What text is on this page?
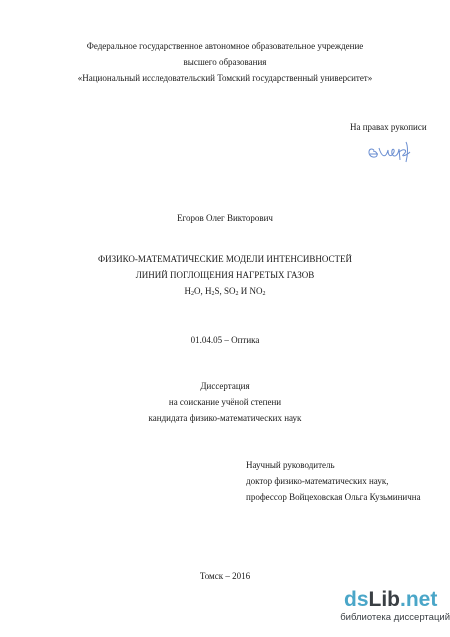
Федеральное государственное автономное образовательное учреждение
высшего образования
«Национальный исследовательский Томский государственный университет»
На правах рукописи
Егоров Олег Викторович
ФИЗИКО-МАТЕМАТИЧЕСКИЕ МОДЕЛИ ИНТЕНСИВНОСТЕЙ
ЛИНИЙ ПОГЛОЩЕНИЯ НАГРЕТЫХ ГАЗОВ
$H_2O$, $H_2S$, $SO_2$ И $NO_2$
01.04.05 – Оптика
Диссертация
на соискание учёной степени
кандидата физико-математических наук
Научный руководитель
доктор физико-математических наук,
профессор Войцеховская Ольга Кузьминична
Томск – 2016
dsLib.net
библиотека диссертаций
